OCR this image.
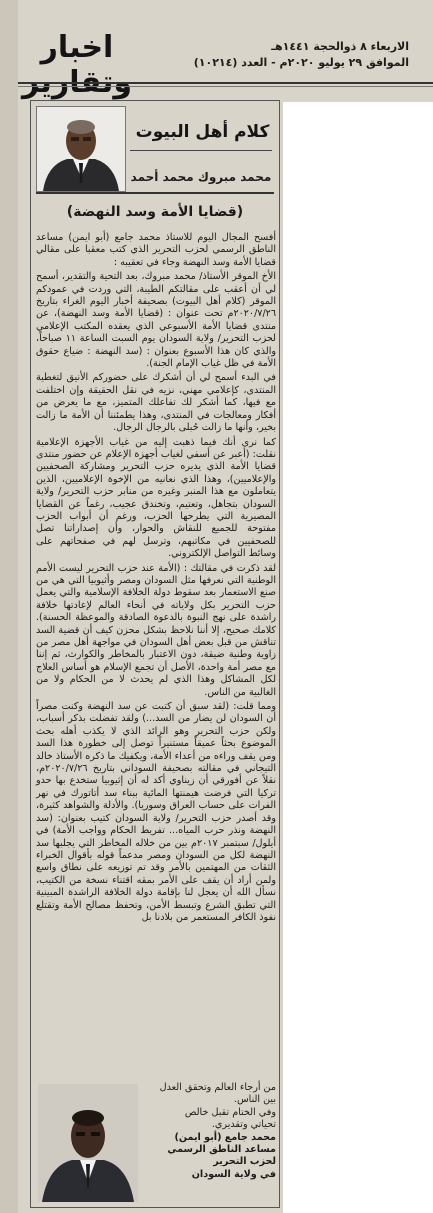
اخبار	الاربعاء ٨ ذوالحجة ١٤٤١هـ
الموافق ٢٩ يوليو ٢٠٢٠م - العدد (١٠٢١٤)
كلام أهل البيوت
محمد مبروك محمد أحمد
(قضايا الأمة وسد النهضة)

أفسح المجال اليوم للاستاذ محمد جامع (أبو ايمن) مساعد الناطق الرسمي لحزب التحرير الذي كتب معقبا على مقالي قضايا الأمة وسد النهضة وجاء في تعقيبه :

الأخ الموقر الأستاذ/ محمد مبروك، بعد التحية والتقدير، أسمح لي أن أعقب على مقالتكم الطيبة، التي وردت في عمودكم الموقر (كلام أهل البيوت) بصحيفة أخبار اليوم الغراء بتاريخ ٢٠٢٠/٧/٢٦م تحت عنوان : (قضايا الأمة وسد النهضة)، عن منتدى قضايا الأمة الأسبوعي الذي يعقده المكتب الإعلامي لحزب التحرير/ ولاية السودان يوم السبت الساعة ١١ صباحاً، والذي كان هذا الأسبوع بعنوان : (سد النهضة : ضياع حقوق الأمة في ظل غياب الإمام الجنة).

في البدء أسمح لي أن أشكرك على حضوركم الأنيق لتغطية المنتدى، كإعلامي مهني، نزيه في نقل الحقيقة وإن اختلفت مع فيها، كما أشكر لك تفاعلك المتميز، مع ما يعرض من أفكار ومعالجات في المنتدى، وهذا يطمئننا أن الأمة ما زالت بخير، وأنها ما زالت حُبلى بالرجال الرجال.

كما نرى أنك فيما ذهبت إليه من غياب الأجهزة الإعلامية نقلت: (أعبر عن أسفي لغياب أجهزة الإعلام عن حضور منتدى قضايا الأمة الذي يديره حزب التحرير ومشاركة الصحفيين والإعلاميين)، وهذا الذي نعانيه من الإخوة الإعلاميين، الذين يتعاملون مع هذا المنبر وغيره من منابر حزب التحرير/ ولاية السودان بتجاهل، وتعتيم، وتخندق عجيب، رغماً عن القضايا المصيرية التي يطرحها الحزب، ورغم أن أبواب الحزب مفتوحة للجميع للنقاش والحوار، وأن إصداراتنا تصل للصحفيين في مكاتبهم، وترسل لهم في صفحاتهم على وسائط التواصل الإلكتروني.

لقد ذكرت في مقالتك : (الأمة عند حزب التحرير ليست الأمم الوطنية التي نعرفها مثل السودان ومصر وأثيوبيا التي هي من صنع الاستعمار بعد سقوط دولة الخلافة الإسلامية والتي يعمل حزب التحرير بكل ولاياته في أنحاء العالم لإعادتها خلافة راشدة على نهج النبوة بالدعوة الصادقة والموعظة الحسنة). كلامك صحيح، إلا أننا نلاحظ بشكل محزن كيف أن قضية السد تناقش من قبل بعض أهل السودان في مواجهة أهل مصر من زاوية وطنية ضيقة، دون الاعتبار بالمخاطر والكوارث، ثم إننا مع مصر أمة واحدة، الأصل أن تجمع الإسلام هو أساس العلاج لكل المشاكل وهذا الذي لم يحدث لا من الحكام ولا من الغالبية من الناس.

ومما قلت: (لقد سبق أن كتبت عن سد النهضة وكنت مصراً أن السودان لن يضار من السد...) ولقد تفضلت بذكر أسباب، ولكن حزب التحرير وهو الرائد الذي لا يكذب أهله بحث الموضوع بحثاً عميقاً مستنيراً توصل إلى خطورة هذا السد ومن يقف وراءه من أعداء الأمة، ويكفيك ما ذكره الأستاذ خالد التيجاني في مقالته بصحيفة السوداني بتاريخ ٢٠٢٠/٧/٢٦م، نقلاً عن أفورقي أن زيناوي أكد له أن إثيوبيا ستخدع بها حدو تركيا التي فرضت هيمنتها المائية ببناء سد أتاتورك في نهر الفرات على حساب العراق وسوريا). والأدلة والشواهد كثيرة، وقد أصدر حزب التحرير/ ولاية السودان كتيب بعنوان: (سد النهضة ونذر حرب المياه... تفريط الحكام وواجب الأمة) في أيلول/ سبتمبر ٢٠١٧م بين من خلاله المخاطر التي يجلبها سد النهضة لكل من السودان ومصر مدعماً قوله بأقوال الخبراء الثقات من المهتمين بالأمر وقد تم توزيعه على نطاق واسع ولمن أراد أن يقف على الأمر بمقه اقتناء نسخة من الكتيب، نسأل الله أن يعجل لنا بإقامة دولة الخلافة الراشدة المبينية التي تطبق الشرع وتبسط الأمن، وتحفظ مصالح الأمة وتقتلع نفوذ الكافر المستعمر من بلادنا بل

من أرجاء العالم وتحقق العدل

بين الناس.

وفي الختام تقبل خالص

تحياتي وتقديري.

محمد جامع (أبو ايمن)

مساعد الناطق الرسمي لحزب التحرير

في ولاية السودان
